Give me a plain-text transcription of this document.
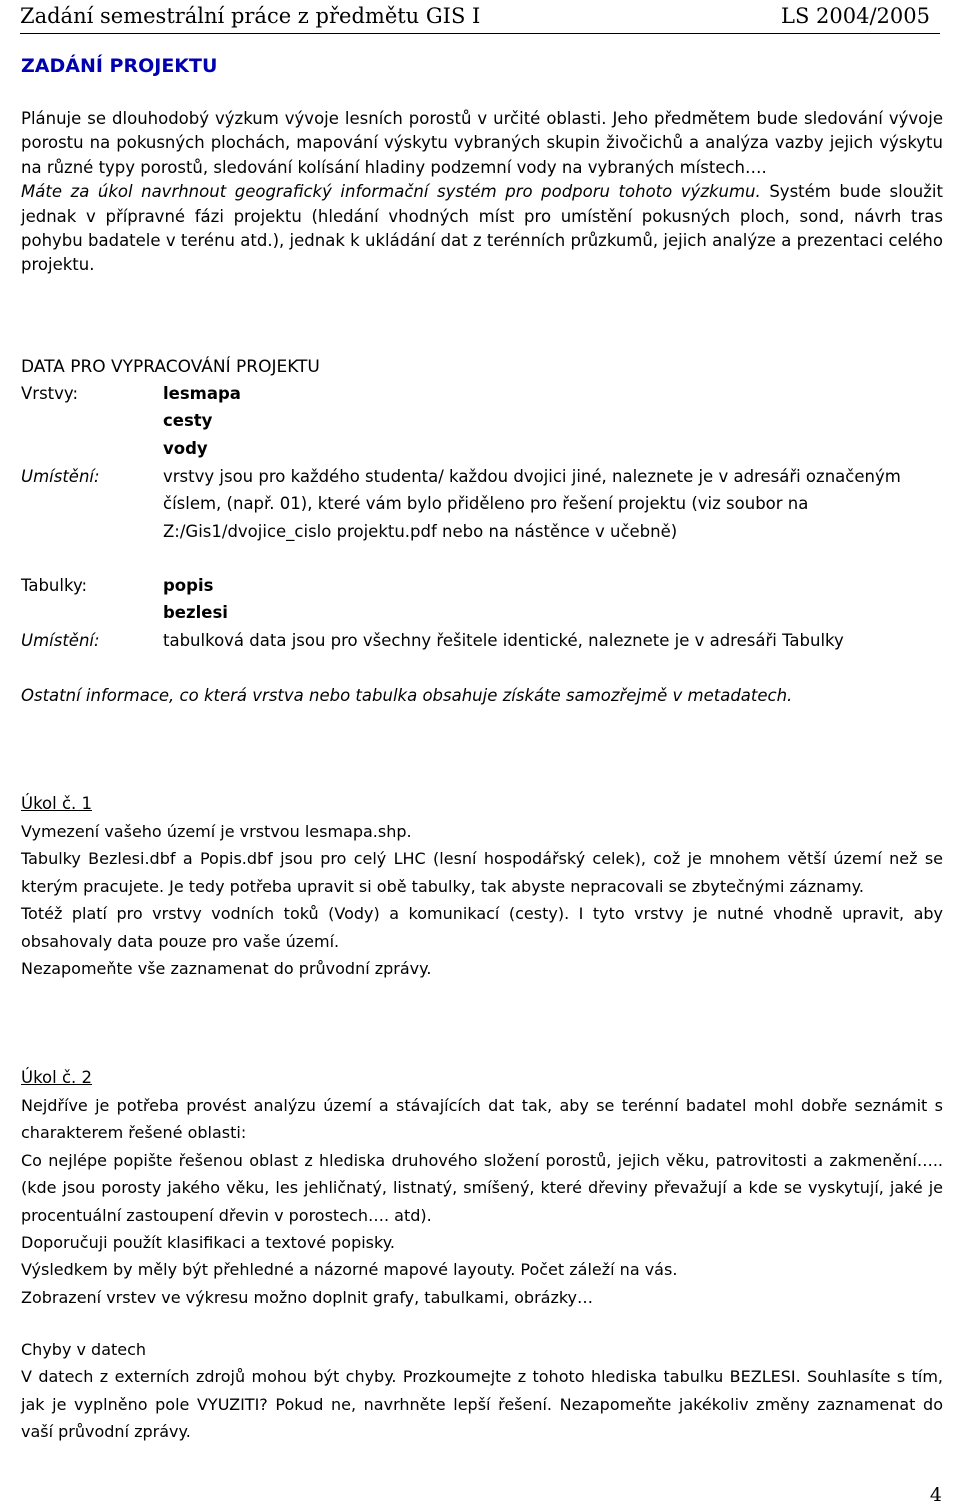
Zadání semestrální práce z předmětu GIS I	LS 2004/2005
ZADÁNÍ PROJEKTU

Plánuje se dlouhodobý výzkum vývoje lesních porostů v určité oblasti. Jeho předmětem bude sledování vývoje porostu na pokusných plochách, mapování výskytu vybraných skupin živočichů a analýza vazby jejich výskytu na různé typy porostů, sledování kolísání hladiny podzemní vody na vybraných místech….

Máte za úkol navrhnout geografický informační systém pro podporu tohoto výzkumu. Systém bude sloužit jednak v přípravné fázi projektu (hledání vhodných míst pro umístění pokusných ploch, sond, návrh tras pohybu badatele v terénu atd.), jednak k ukládání dat z terénních průzkumů, jejich analýze a prezentaci celého projektu.

DATA PRO VYPRACOVÁNÍ PROJEKTU
Vrstvy:	lesmapa
cesty
vody
Umístění:	vrstvy jsou pro každého studenta/ každou dvojici jiné, naleznete je v adresáři označeným číslem, (např. 01), které vám bylo přiděleno pro řešení projektu (viz soubor na Z:/Gis1/dvojice_cislo projektu.pdf nebo na nástěnce v učebně)
Tabulky:	popis
bezlesi
Umístění:	tabulková data jsou pro všechny řešitele identické, naleznete je v adresáři Tabulky
Ostatní informace, co která vrstva nebo tabulka obsahuje získáte samozřejmě v metadatech.
Úkol č. 1

Vymezení vašeho území je vrstvou lesmapa.shp.

Tabulky Bezlesi.dbf a Popis.dbf jsou pro celý LHC (lesní hospodářský celek), což je mnohem větší území než se kterým pracujete. Je tedy potřeba upravit si obě tabulky, tak abyste nepracovali se zbytečnými záznamy.

Totéž platí pro vrstvy vodních toků (Vody) a komunikací (cesty). I tyto vrstvy je nutné vhodně upravit, aby obsahovaly data pouze pro vaše území.

Nezapomeňte vše zaznamenat do průvodní zprávy.

Úkol č. 2

Nejdříve je potřeba provést analýzu území a stávajících dat tak, aby se terénní badatel mohl dobře seznámit s charakterem řešené oblasti:

Co nejlépe popište řešenou oblast z hlediska druhového složení porostů, jejich věku, patrovitosti a zakmenění….. (kde jsou porosty jakého věku, les jehličnatý, listnatý, smíšený, které dřeviny převažují a kde se vyskytují, jaké je procentuální zastoupení dřevin v porostech…. atd).

Doporučuji použít klasifikaci a textové popisky.

Výsledkem by měly být přehledné a názorné mapové layouty. Počet záleží na vás.

Zobrazení vrstev ve výkresu možno doplnit grafy, tabulkami, obrázky…

Chyby v datech

V datech z externích zdrojů mohou být chyby. Prozkoumejte z tohoto hlediska tabulku BEZLESI. Souhlasíte s tím, jak je vyplněno pole VYUZITI? Pokud ne, navrhněte lepší řešení. Nezapomeňte jakékoliv změny zaznamenat do vaší průvodní zprávy.

4
